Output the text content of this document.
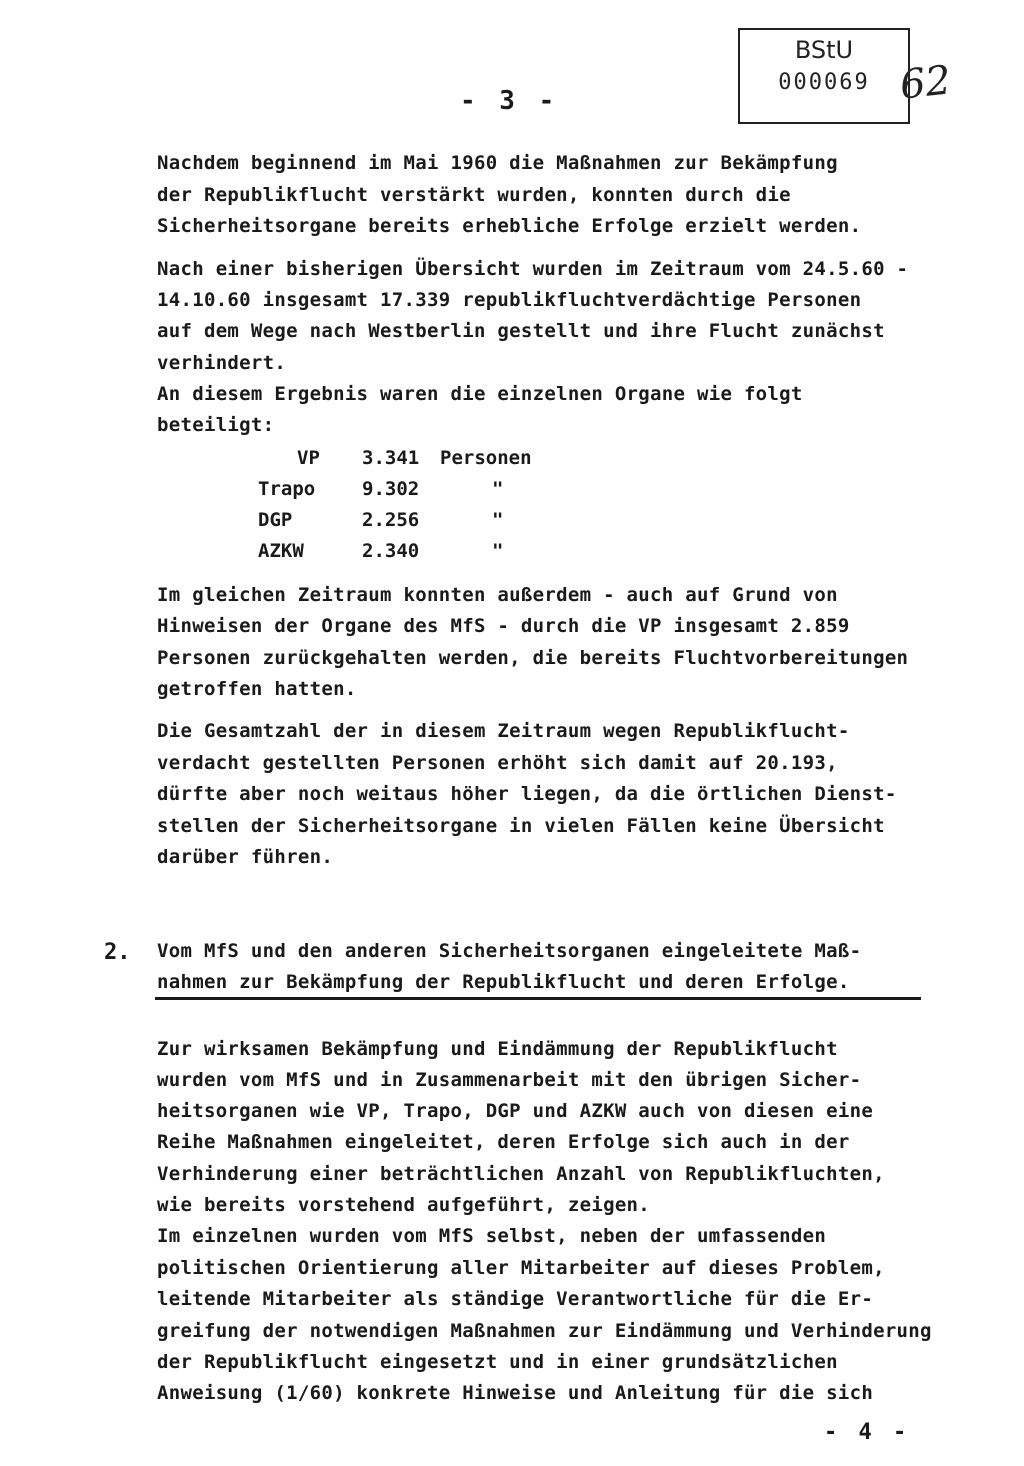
BStU
000069 62
- 3 -
Nachdem beginnend im Mai 1960 die Maßnahmen zur Bekämpfung
der Republikflucht verstärkt wurden, konnten durch die
Sicherheitsorgane bereits erhebliche Erfolge erzielt werden.
Nach einer bisherigen Übersicht wurden im Zeitraum vom 24.5.60 -
14.10.60 insgesamt 17.339 republikfluchtverdächtige Personen
auf dem Wege nach Westberlin gestellt und ihre Flucht zunächst
verhindert.
An diesem Ergebnis waren die einzelnen Organe wie folgt
beteiligt:
VP 3.341 Personen
Trapo 9.302	"
DGP	2.256	"
AZKW	2.340	"
Im gleichen Zeitraum konnten außerdem - auch auf Grund von
Hinweisen der Organe des MfS - durch die VP insgesamt 2.859
Personen zurückgehalten werden, die bereits Fluchtvorbereitungen
getroffen hatten.
Die Gesamtzahl der in diesem Zeitraum wegen Republikflucht-
verdacht gestellten Personen erhöht sich damit auf 20.193,
dürfte aber noch weitaus höher liegen, da die örtlichen Dienst-
stellen der Sicherheitsorgane in vielen Fällen keine Übersicht
darüber führen.
2. Vom MfS und den anderen Sicherheitsorganen eingeleitete Maß-
nahmen zur Bekämpfung der Republikflucht und deren Erfolge.
Zur wirksamen Bekämpfung und Eindämmung der Republikflucht
wurden vom MfS und in Zusammenarbeit mit den übrigen Sicher-
heitsorganen wie VP, Trapo, DGP und AZKW auch von diesen eine
Reihe Maßnahmen eingeleitet, deren Erfolge sich auch in der
Verhinderung einer beträchtlichen Anzahl von Republikfluchten,
wie bereits vorstehend aufgeführt, zeigen.
Im einzelnen wurden vom MfS selbst, neben der umfassenden
politischen Orientierung aller Mitarbeiter auf dieses Problem,
leitende Mitarbeiter als ständige Verantwortliche für die Er-
greifung der notwendigen Maßnahmen zur Eindämmung und Verhinderung
der Republikflucht eingesetzt und in einer grundsätzlichen
Anweisung (1/60) konkrete Hinweise und Anleitung für die sich
- 4 -
